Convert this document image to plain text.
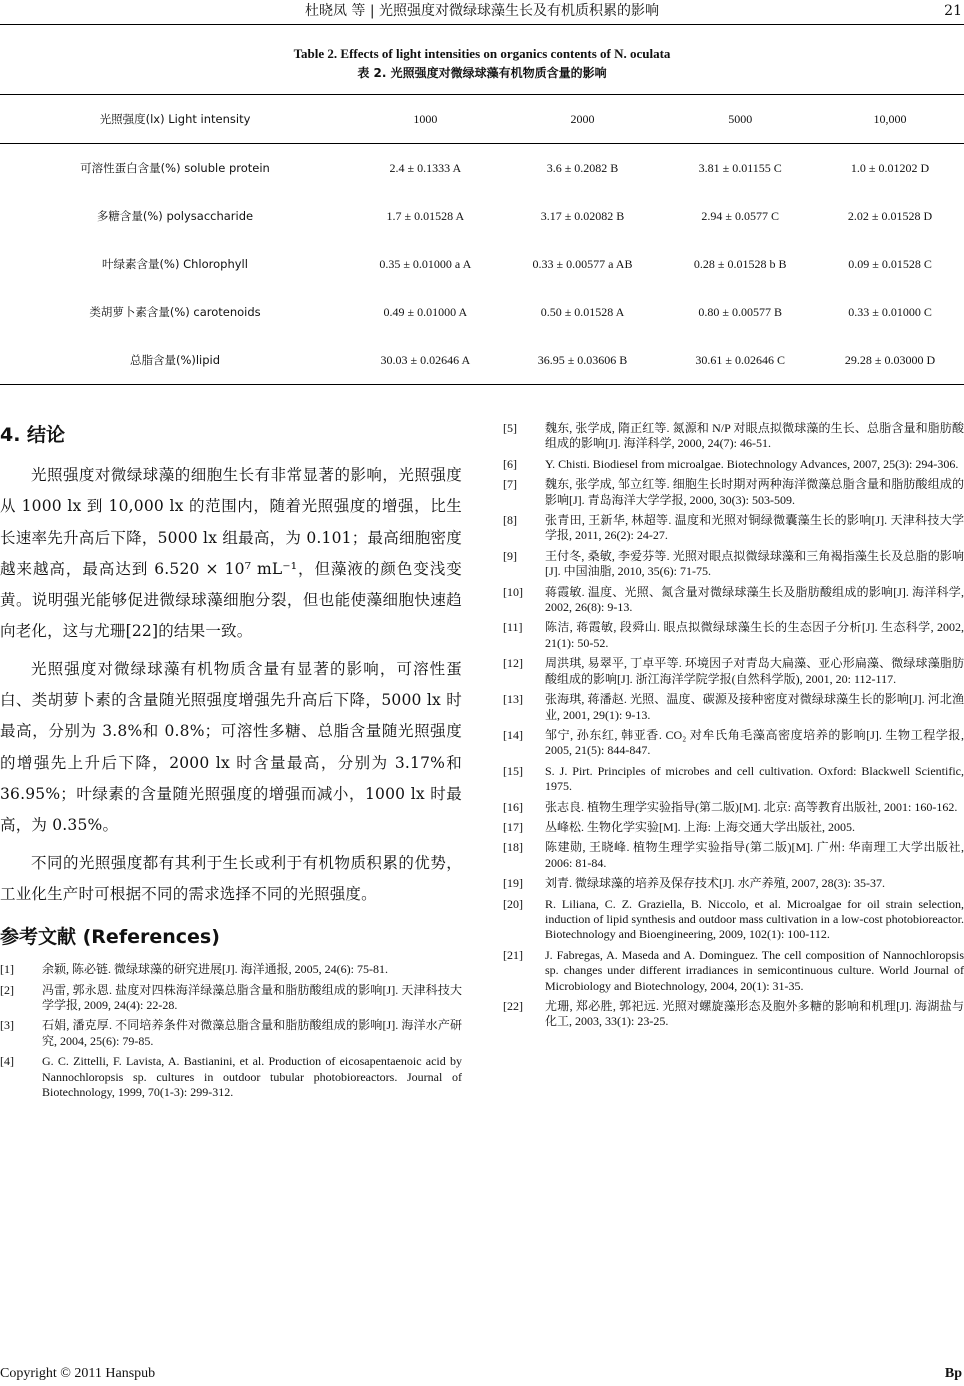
杜晓凤 等 | 光照强度对微绿球藻生长及有机质积累的影响	21
Table 2. Effects of light intensities on organics contents of N. oculata
表 2. 光照强度对微绿球藻有机物质含量的影响
光照强度(lx) Light intensity	1000	2000	5000	10,000
可溶性蛋白含量(%) soluble protein	2.4 ± 0.1333 A	3.6 ± 0.2082 B	3.81 ± 0.01155 C	1.0 ± 0.01202 D
多糖含量(%) polysaccharide	1.7 ± 0.01528 A	3.17 ± 0.02082 B	2.94 ± 0.0577 C	2.02 ± 0.01528 D
叶绿素含量(%) Chlorophyll	0.35 ± 0.01000 a A	0.33 ± 0.00577 a AB	0.28 ± 0.01528 b B	0.09 ± 0.01528 C
类胡萝卜素含量(%) carotenoids	0.49 ± 0.01000 A	0.50 ± 0.01528 A	0.80 ± 0.00577 B	0.33 ± 0.01000 C
总脂含量(%)lipid	30.03 ± 0.02646 A	36.95 ± 0.03606 B	30.61 ± 0.02646 C	29.28 ± 0.03000 D
4. 结论

光照强度对微绿球藻的细胞生长有非常显著的影响，光照强度从 1000 lx 到 10,000 lx 的范围内，随着光照强度的增强，比生长速率先升高后下降，5000 lx 组最高，为 0.101；最高细胞密度越来越高，最高达到 6.520 × 10⁷ mL⁻¹，但藻液的颜色变浅变黄。说明强光能够促进微绿球藻细胞分裂，但也能使藻细胞快速趋向老化，这与尤珊[22]的结果一致。

光照强度对微绿球藻有机物质含量有显著的影响，可溶性蛋白、类胡萝卜素的含量随光照强度增强先升高后下降，5000 lx 时最高，分别为 3.8%和 0.8%；可溶性多糖、总脂含量随光照强度的增强先上升后下降，2000 lx 时含量最高，分别为 3.17%和 36.95%；叶绿素的含量随光照强度的增强而减小，1000 lx 时最高，为 0.35%。

不同的光照强度都有其利于生长或利于有机物质积累的优势，工业化生产时可根据不同的需求选择不同的光照强度。

参考文献 (References)
[1] 余颖, 陈必链. 微绿球藻的研究进展[J]. 海洋通报, 2005, 24(6): 75-81.
[2] 冯雷, 郭永恩. 盐度对四株海洋绿藻总脂含量和脂肪酸组成的影响[J]. 天津科技大学学报, 2009, 24(4): 22-28.
[3] 石娟, 潘克厚. 不同培养条件对微藻总脂含量和脂肪酸组成的影响[J]. 海洋水产研究, 2004, 25(6): 79-85.
[4] G. C. Zittelli, F. Lavista, A. Bastianini, et al. Production of eicosapentaenoic acid by Nannochloropsis sp. cultures in outdoor tubular photobioreactors. Journal of Biotechnology, 1999, 70(1-3): 299-312.
[5] 魏东, 张学成, 隋正红等. 氮源和 N/P 对眼点拟微球藻的生长、总脂含量和脂肪酸组成的影响[J]. 海洋科学, 2000, 24(7): 46-51.
[6] Y. Chisti. Biodiesel from microalgae. Biotechnology Advances, 2007, 25(3): 294-306.
[7] 魏东, 张学成, 邹立红等. 细胞生长时期对两种海洋微藻总脂含量和脂肪酸组成的影响[J]. 青岛海洋大学学报, 2000, 30(3): 503-509.
[8] 张青田, 王新华, 林超等. 温度和光照对铜绿微囊藻生长的影响[J]. 天津科技大学学报, 2011, 26(2): 24-27.
[9] 王付冬, 桑敏, 李爱芬等. 光照对眼点拟微绿球藻和三角褐指藻生长及总脂的影响[J]. 中国油脂, 2010, 35(6): 71-75.
[10] 蒋霞敏. 温度、光照、氮含量对微绿球藻生长及脂肪酸组成的影响[J]. 海洋科学, 2002, 26(8): 9-13.
[11] 陈洁, 蒋霞敏, 段舜山. 眼点拟微绿球藻生长的生态因子分析[J]. 生态科学, 2002, 21(1): 50-52.
[12] 周洪琪, 易翠平, 丁卓平等. 环境因子对青岛大扁藻、亚心形扁藻、微绿球藻脂肪酸组成的影响[J]. 浙江海洋学院学报(自然科学版), 2001, 20: 112-117.
[13] 张海琪, 蒋潘赵. 光照、温度、碳源及接种密度对微绿球藻生长的影响[J]. 河北渔业, 2001, 29(1): 9-13.
[14] 邹宁, 孙东红, 韩亚香. CO₂ 对牟氏角毛藻高密度培养的影响[J]. 生物工程学报, 2005, 21(5): 844-847.
[15] S. J. Pirt. Principles of microbes and cell cultivation. Oxford: Blackwell Scientific, 1975.
[16] 张志良. 植物生理学实验指导(第二版)[M]. 北京: 高等教育出版社, 2001: 160-162.
[17] 丛峰松. 生物化学实验[M]. 上海: 上海交通大学出版社, 2005.
[18] 陈建勋, 王晓峰. 植物生理学实验指导(第二版)[M]. 广州: 华南理工大学出版社, 2006: 81-84.
[19] 刘青. 微绿球藻的培养及保存技术[J]. 水产养殖, 2007, 28(3): 35-37.
[20] R. Liliana, C. Z. Graziella, B. Niccolo, et al. Microalgae for oil strain selection, induction of lipid synthesis and outdoor mass cultivation in a low-cost photobioreactor. Biotechnology and Bioengineering, 2009, 102(1): 100-112.
[21] J. Fabregas, A. Maseda and A. Dominguez. The cell composition of Nannochloropsis sp. changes under different irradiances in semicontinuous culture. World Journal of Microbiology and Biotechnology, 2004, 20(1): 31-35.
[22] 尤珊, 郑必胜, 郭祀远. 光照对螺旋藻形态及胞外多糖的影响和机理[J]. 海湖盐与化工, 2003, 33(1): 23-25.
Copyright © 2011 Hanspub	Bp
